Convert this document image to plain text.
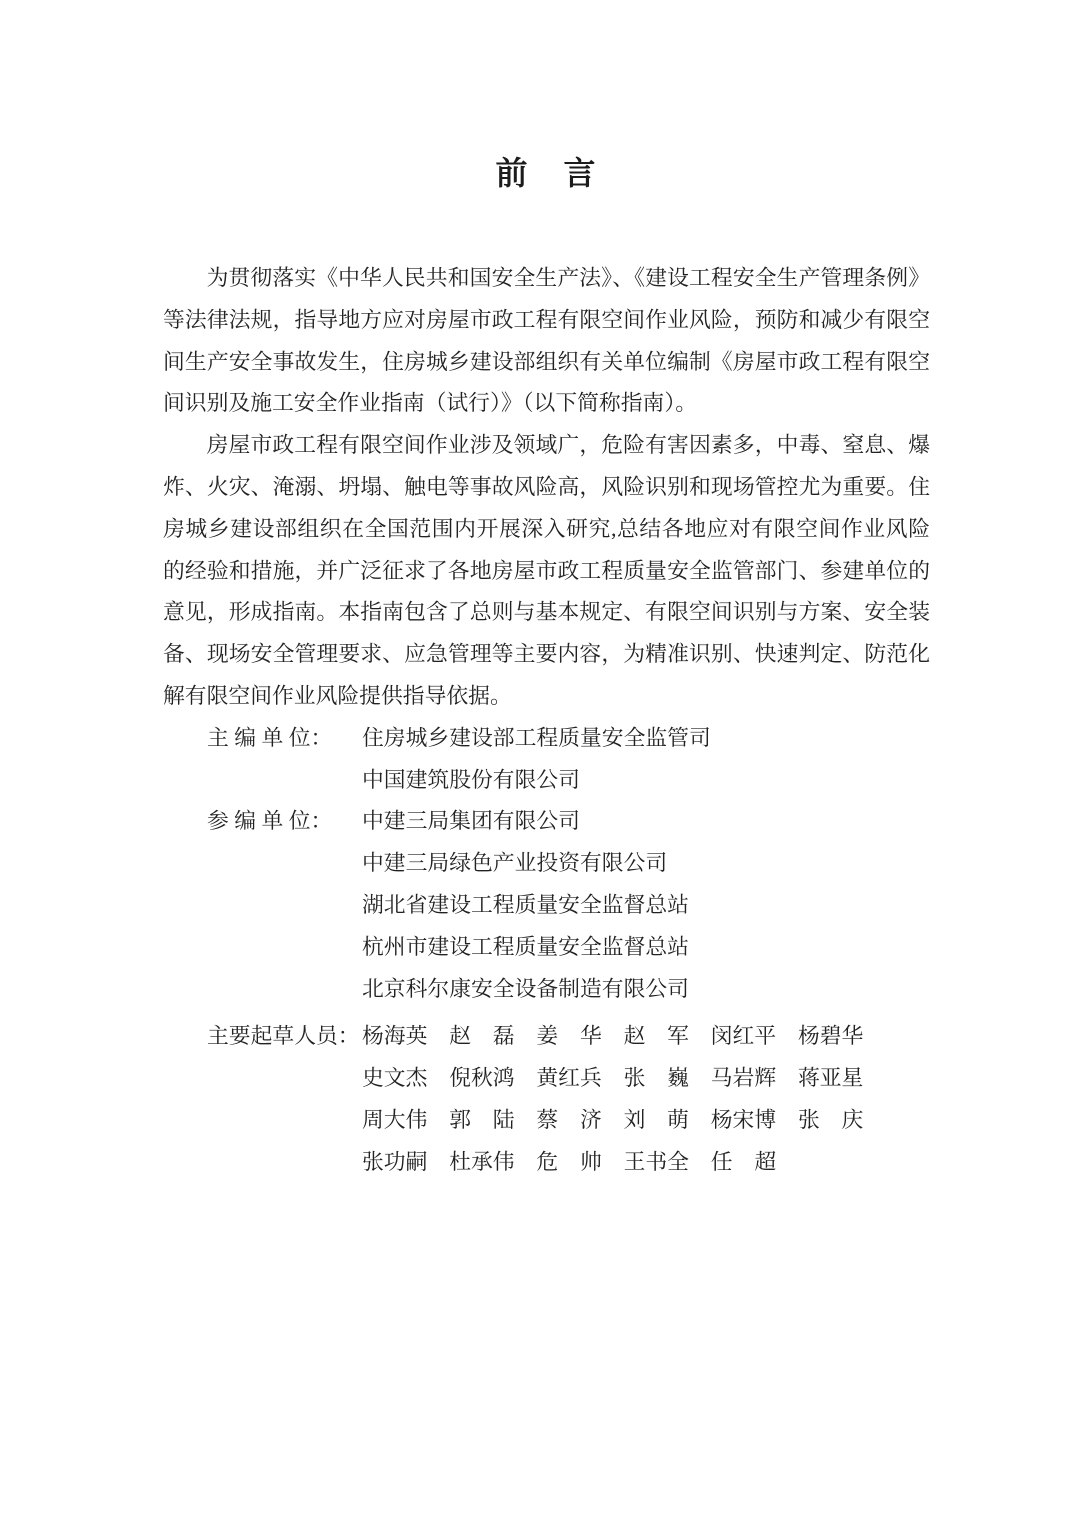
前　言

为贯彻落实《中华人民共和国安全生产法》、《建设工程安全生产管理条例》等法律法规，指导地方应对房屋市政工程有限空间作业风险，预防和减少有限空间生产安全事故发生，住房城乡建设部组织有关单位编制《房屋市政工程有限空间识别及施工安全作业指南（试行）》（以下简称指南）。

房屋市政工程有限空间作业涉及领域广，危险有害因素多，中毒、窒息、爆炸、火灾、淹溺、坍塌、触电等事故风险高，风险识别和现场管控尤为重要。住房城乡建设部组织在全国范围内开展深入研究,总结各地应对有限空间作业风险的经验和措施，并广泛征求了各地房屋市政工程质量安全监管部门、参建单位的意见，形成指南。本指南包含了总则与基本规定、有限空间识别与方案、安全装备、现场安全管理要求、应急管理等主要内容，为精准识别、快速判定、防范化解有限空间作业风险提供指导依据。

主 编 单 位：	住房城乡建设部工程质量安全监管司
中国建筑股份有限公司
参 编 单 位：	中建三局集团有限公司
中建三局绿色产业投资有限公司
湖北省建设工程质量安全监督总站
杭州市建设工程质量安全监督总站
北京科尔康安全设备制造有限公司
主要起草人员： 杨海英　赵　磊　姜　华　赵　军　闵红平　杨碧华
史文杰　倪秋鸿　黄红兵　张　巍　马岩辉　蒋亚星
周大伟　郭　陆　蔡　济　刘　萌　杨宋博　张　庆
张功嗣　杜承伟　危　帅　王书全　任　超
